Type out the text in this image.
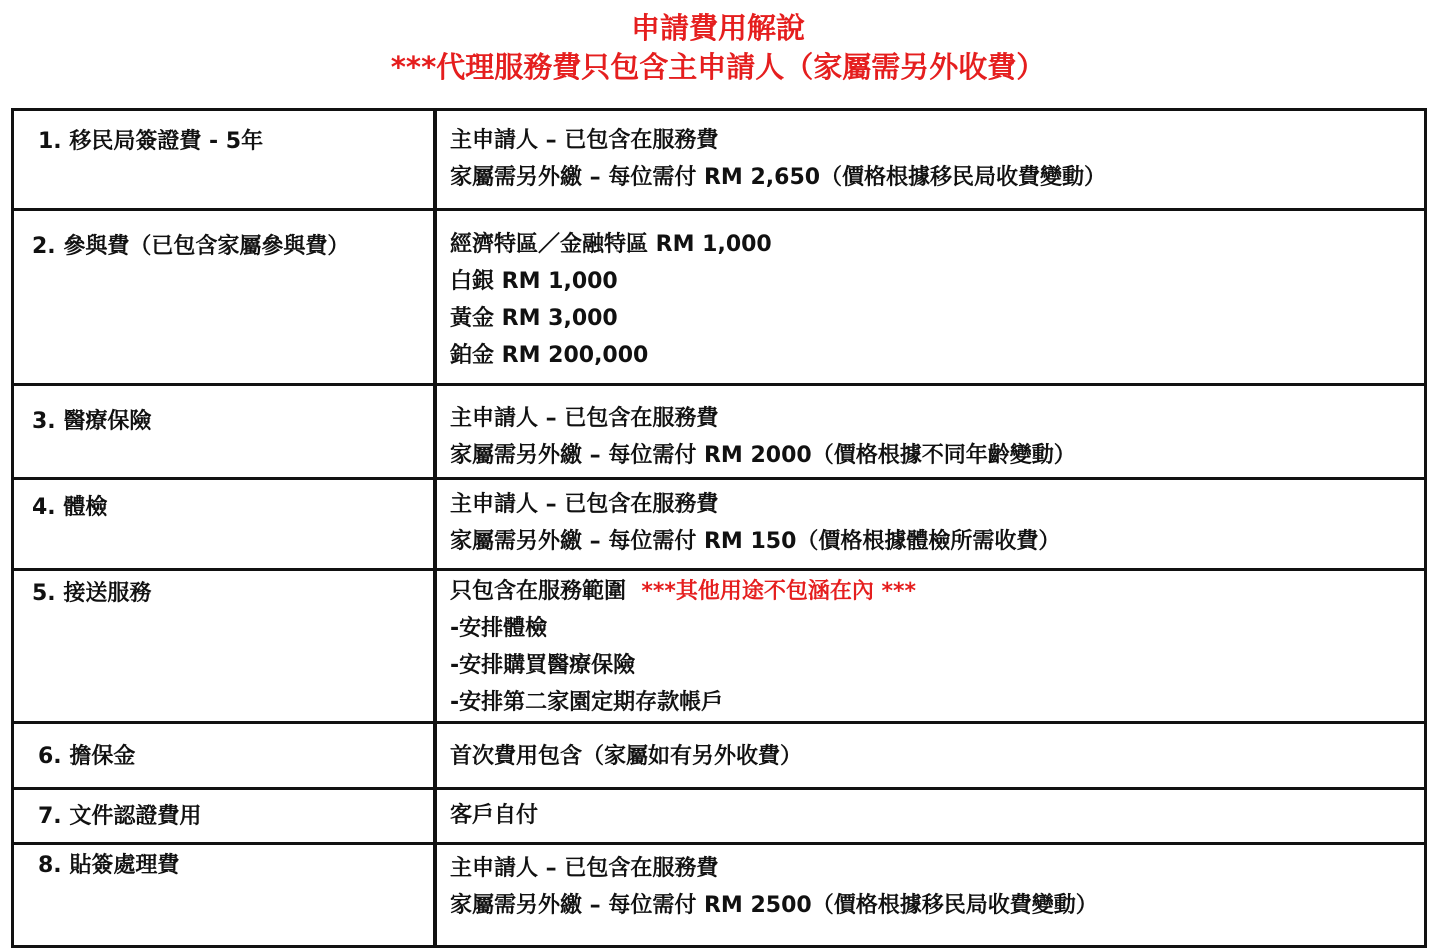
申請費用解說
***代理服務費只包含主申請人（家屬需另外收費）
1. 移民局簽證費 - 5年	主申請人 – 已包含在服務費
家屬需另外繳 – 每位需付 RM 2,650（價格根據移民局收費變動）
2. 參與費（已包含家屬參與費）	經濟特區／金融特區 RM 1,000
白銀 RM 1,000
黃金 RM 3,000
鉑金 RM 200,000
3. 醫療保險	主申請人 – 已包含在服務費
家屬需另外繳 – 每位需付 RM 2000（價格根據不同年齡變動）
4. 體檢	主申請人 – 已包含在服務費
家屬需另外繳 – 每位需付 RM 150（價格根據體檢所需收費）
5. 接送服務	只包含在服務範圍 ***其他用途不包涵在內 ***
-安排體檢
-安排購買醫療保險
-安排第二家園定期存款帳戶
6. 擔保金	首次費用包含（家屬如有另外收費）
7. 文件認證費用	客戶自付
8. 貼簽處理費	主申請人 – 已包含在服務費
家屬需另外繳 – 每位需付 RM 2500（價格根據移民局收費變動）
